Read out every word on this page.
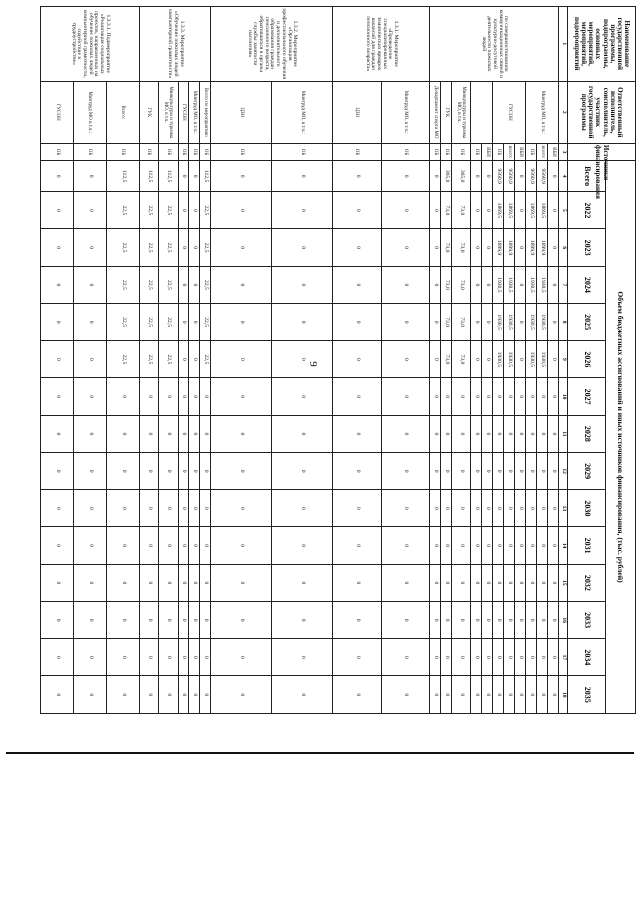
9
Наименование государственной программы, подпрограммы, основных мероприятий, мероприятий, подмероприятий	Ответственный исполнитель, соисполнитель, участник государственной программы	Источники финансирования	Объем бюджетных ассигнований и иных источников финансирования, (тыс. рублей)														
			Всего	2022	2023	2024	2025	2026	2027	2028	2029	2030	2031	2032	2033	2034	2035
1	2	3	4	5	6	7	8	9	10	11	12	13	14	15	16	17	18
по совершенствованию коммуникационных связей и культурно-досуговой деятельности пожилых людей	Минтруд МО, в т.ч.:	ВБИ	0	0	0	0	0	0	0	0	0	0	0	0	0	0	0
		всего:	9560,9	1869,5	1899,9	1930,5	1930,5	1930,5	0	0	0	0	0	0	0	0	0
		ОБ	9560,9	1869,5	1899,9	1930,5	1930,5	1930,5	0	0	0	0	0	0	0	0	0
	ГУСОН	ВБИ	0	0	0	0	0	0	0	0	0	0	0	0	0	0	0
		всего:	9560,9	1869,5	1899,9	1930,5	1930,5	1930,5	0	0	0	0	0	0	0	0	0
		ОБ	9560,9	1869,5	1899,9	1930,5	1930,5	1930,5	0	0	0	0	0	0	0	0	0
		ВБИ	0	0	0	0	0	0	0	0	0	0	0	0	0	0	0
		ОБ	0	0	0	0	0	0	0	0	0	0	0	0	0	0	0
	Минкультуры и туризма МО, в т.ч.	ОБ	365,0	73,0	73,0	73,0	73,0	73,0	0	0	0	0	0	0	0	0	0
	ГУК	ОБ	365,0	73,0	73,0	73,0	73,0	73,0	0	0	0	0	0	0	0	0	0
	Департамент спорта МО	ОБ	0	0	0	0	0	0	0	0	0	0	0	0	0	0	0
1.3.1. Мероприятие «Проведение специализированных тематических ярмарок вакансий для граждан пенсионного возраста»	Минтруд МО, в т.ч.:	ОБ	0	0	0	0	0	0	0	0	0	0	0	0	0	0	0
	ЦЗН	ОБ	0	0	0	0	0	0	0	0	0	0	0	0	0	0	0
1.3.2. Мероприятие «Организация профессионального обучения и дополнительного образования граждан пенсионного возраста, обратившихся в органы службы занятости населения»	Минтруд МО, в т.ч.:	ОБ	0	0	0	0	0	0	0	0	0	0	0	0	0	0	0
	ЦЗН	ОБ	0	0	0	0	0	0	0	0	0	0	0	0	0	0	0
1.3.3. Мероприятие «Обучение пожилых людей компьютерной грамотности»	Всего по мероприятию	ОБ	112,5	22,5	22,5	22,5	22,5	22,5	0	0	0	0	0	0	0	0	0
	Минтруд МО, в т.ч.:	ОБ	0	0	0	0	0	0	0	0	0	0	0	0	0	0	0
	ГУСОН	ОБ	0	0	0	0	0	0	0	0	0	0	0	0	0	0	0
	Минкультуры и туризма МО, в т.ч.	ОБ	112,5	22,5	22,5	22,5	22,5	22,5	0	0	0	0	0	0	0	0	0
	ГУК	ОБ	112,5	22,5	22,5	22,5	22,5	22,5	0	0	0	0	0	0	0	0	0
1.3.3.1. Подмероприятие «Реализация социальных проектов, направленных на обучение пожилых людей компьютерной грамотности, содействие в трудоустройстве»	Всего:	ОБ	112,5	22,5	22,5	22,5	22,5	22,5	0	0	0	0	0	0	0	0	0
	Минтруд МО в т.ч.:	ОБ	0	0	0	0	0	0	0	0	0	0	0	0	0	0	0
	ГУСОН	ОБ	0	0	0	0	0	0	0	0	0	0	0	0	0	0	0
